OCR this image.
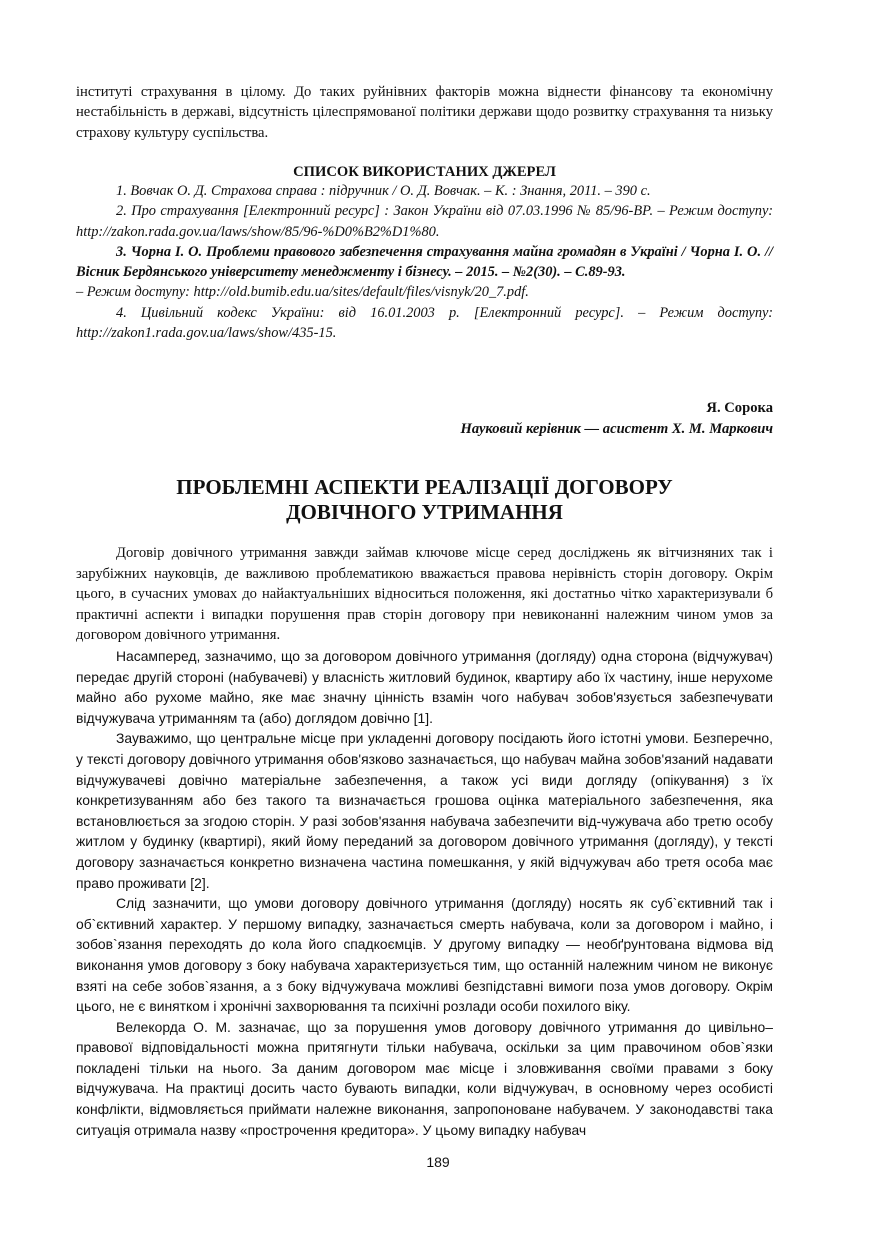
інституті страхування в цілому. До таких руйнівних факторів можна віднести фінансову та економічну нестабільність в державі, відсутність цілеспрямованої політики держави щодо розвитку страхування та низьку страхову культуру суспільства.

СПИСОК ВИКОРИСТАНИХ ДЖЕРЕЛ

1. Вовчак О. Д. Страхова справа : підручник / О. Д. Вовчак. – К. : Знання, 2011. – 390 с.

2. Про страхування [Електронний ресурс] : Закон України від 07.03.1996 № 85/96-ВР. – Режим доступу: http://zakon.rada.gov.ua/laws/show/85/96-%D0%B2%D1%80.

3. Чорна І. О. Проблеми правового забезпечення страхування майна громадян в Україні / Чорна І. О. // Вісник Бердянського університету менеджменту і бізнесу. – 2015. – №2(30). – С.89-93.

– Режим доступу: http://old.bumib.edu.ua/sites/default/files/visnyk/20_7.pdf.

4. Цивільний кодекс України: від 16.01.2003 р. [Електронний ресурс]. – Режим доступу: http://zakon1.rada.gov.ua/laws/show/435-15.

Я. Сорока
Науковий керівник — асистент Х. М. Маркович
ПРОБЛЕМНІ АСПЕКТИ РЕАЛІЗАЦІЇ ДОГОВОРУ
ДОВІЧНОГО УТРИМАННЯ

Договір довічного утримання завжди займав ключове місце серед досліджень як вітчизняних так і зарубіжних науковців, де важливою проблематикою вважається правова нерівність сторін договору. Окрім цього, в сучасних умовах до найактуальніших відноситься положення, які достатньо чітко характеризували б практичні аспекти і випадки порушення прав сторін договору при невиконанні належним чином умов за договором довічного утримання.

Насамперед, зазначимо, що за договором довічного утримання (догляду) одна сторона (відчужувач) передає другій стороні (набувачеві) у власність житловий будинок, квартиру або їх частину, інше нерухоме майно або рухоме майно, яке має значну цінність взамін чого набувач зобов'язується забезпечувати відчужувача утриманням та (або) доглядом довічно [1].

Зауважимо, що центральне місце при укладенні договору посідають його істотні умови. Безперечно, у тексті договору довічного утримання обов'язково зазначається, що набувач майна зобов'язаний надавати відчужувачеві довічно матеріальне забезпечення, а також усі види догляду (опікування) з їх конкретизуванням або без такого та визначається грошова оцінка матеріального забезпечення, яка встановлюється за згодою сторін. У разі зобов'язання набувача забезпечити від-чужувача або третю особу житлом у будинку (квартирі), який йому переданий за договором довічного утримання (догляду), у тексті договору зазначається конкретно визначена частина помешкання, у якій відчужувач або третя особа має право проживати [2].

Слід зазначити, що умови договору довічного утримання (догляду) носять як суб`єктивний так і об`єктивний характер. У першому випадку, зазначається смерть набувача, коли за договором і майно, і зобов`язання переходять до кола його спадкоємців. У другому випадку — необґрунтована відмова від виконання умов договору з боку набувача характеризується тим, що останній належним чином не виконує взяті на себе зобов`язання, а з боку відчужувача можливі безпідставні вимоги поза умов договору. Окрім цього, не є винятком і хронічні захворювання та психічні розлади особи похилого віку.

Велекорда О. М. зазначає, що за порушення умов договору довічного утримання до цивільно–правової відповідальності можна притягнути тільки набувача, оскільки за цим правочином обов`язки покладені тільки на нього. За даним договором має місце і зловживання своїми правами з боку відчужувача. На практиці досить часто бувають випадки, коли відчужувач, в основному через особисті конфлікти, відмовляється приймати належне виконання, запропоноване набувачем. У законодавстві така ситуація отримала назву «прострочення кредитора». У цьому випадку набувач

189
